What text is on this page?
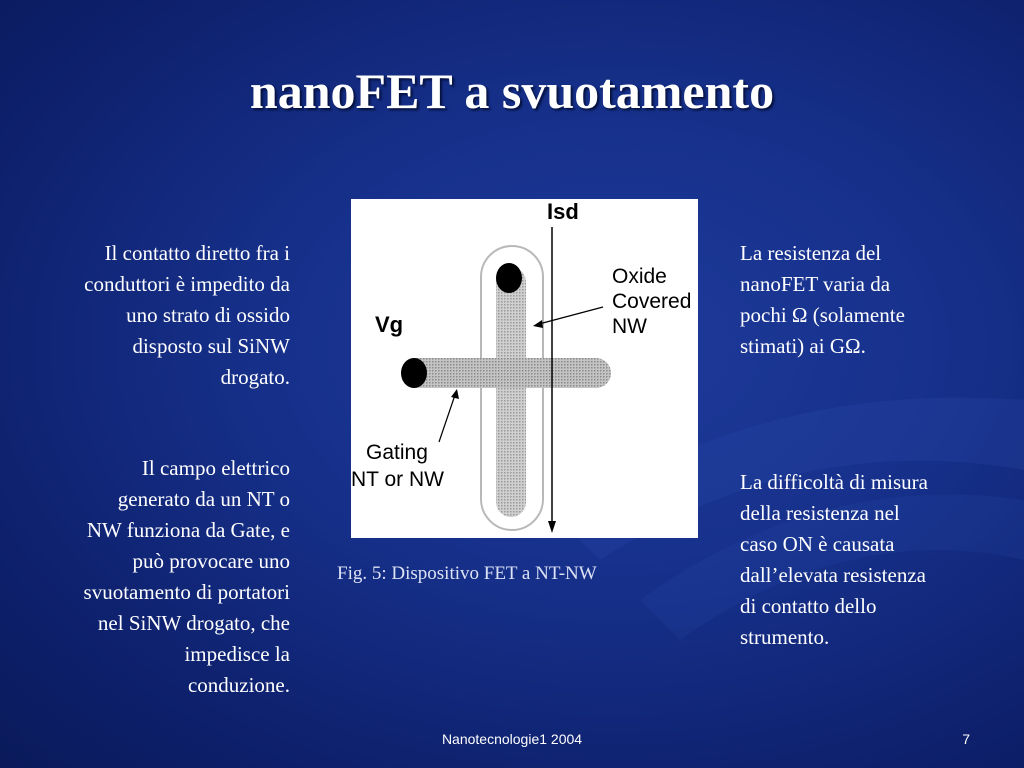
nanoFET a svuotamento
Il contatto diretto fra i
conduttori è impedito da
uno strato di ossido
disposto sul SiNW
drogato.
Il campo elettrico
generato da un NT o
NW funziona da Gate, e
può provocare uno
svuotamento di portatori
nel SiNW drogato, che
impedisce la
conduzione.
Isd
Vg
Oxide
Covered
NW
Gating
NT or NW
Fig. 5: Dispositivo FET a NT-NW
La resistenza del
nanoFET varia da
pochi Ω (solamente
stimati) ai GΩ.
La difficoltà di misura
della resistenza nel
caso ON è causata
dall’elevata resistenza
di contatto dello
strumento.
Nanotecnologie1 2004	7
